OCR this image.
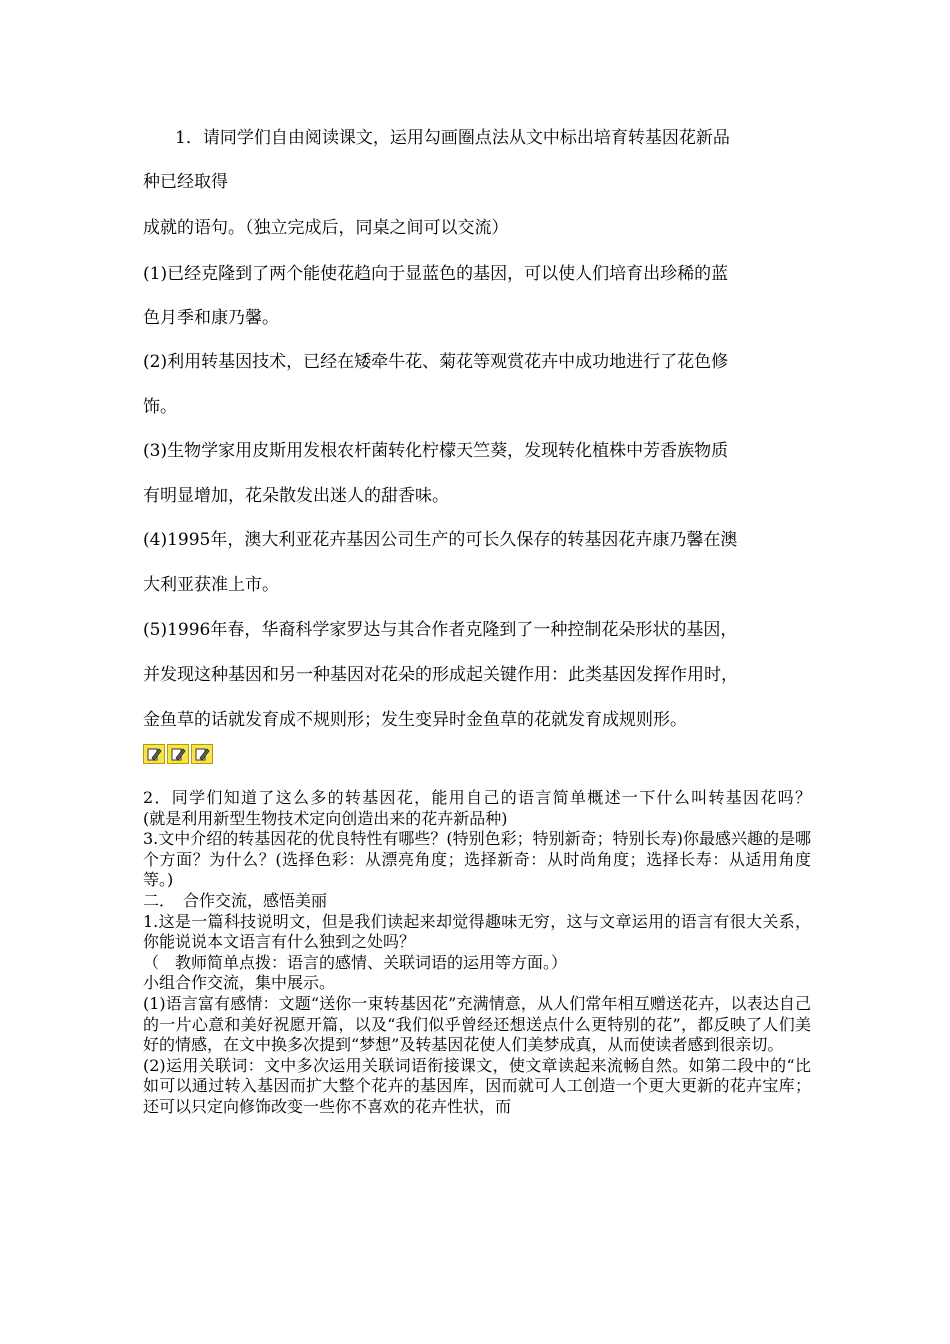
1．请同学们自由阅读课文，运用勾画圈点法从文中标出培育转基因花新品
种已经取得
成就的语句。（独立完成后，同桌之间可以交流）
(1)已经克隆到了两个能使花趋向于显蓝色的基因，可以使人们培育出珍稀的蓝
色月季和康乃馨。
(2)利用转基因技术，已经在矮牵牛花、菊花等观赏花卉中成功地进行了花色修
饰。
(3)生物学家用皮斯用发根农杆菌转化柠檬天竺葵，发现转化植株中芳香族物质
有明显增加，花朵散发出迷人的甜香味。
(4)1995年，澳大利亚花卉基因公司生产的可长久保存的转基因花卉康乃馨在澳
大利亚获准上市。
(5)1996年春，华裔科学家罗达与其合作者克隆到了一种控制花朵形状的基因，
并发现这种基因和另一种基因对花朵的形成起关键作用：此类基因发挥作用时，
金鱼草的话就发育成不规则形；发生变异时金鱼草的花就发育成规则形。

2．同学们知道了这么多的转基因花，能用自己的语言简单概述一下什么叫转基因花吗？　　(就是利用新型生物技术定向创造出来的花卉新品种)

3.文中介绍的转基因花的优良特性有哪些？(特别色彩；特别新奇；特别长寿)你最感兴趣的是哪个方面？为什么？(选择色彩：从漂亮角度；选择新奇：从时尚角度；选择长寿：从适用角度等。)

二．　合作交流，感悟美丽

1.这是一篇科技说明文，但是我们读起来却觉得趣味无穷，这与文章运用的语言有很大关系，你能说说本文语言有什么独到之处吗？

（　教师简单点拨：语言的感情、关联词语的运用等方面。）

小组合作交流，集中展示。

(1)语言富有感情：文题“送你一束转基因花”充满情意，从人们常年相互赠送花卉，以表达自己的一片心意和美好祝愿开篇，以及“我们似乎曾经还想送点什么更特别的花”，都反映了人们美好的情感，在文中换多次提到“梦想”及转基因花使人们美梦成真，从而使读者感到很亲切。

(2)运用关联词：文中多次运用关联词语衔接课文，使文章读起来流畅自然。如第二段中的“比如可以通过转入基因而扩大整个花卉的基因库，因而就可人工创造一个更大更新的花卉宝库；还可以只定向修饰改变一些你不喜欢的花卉性状，而
